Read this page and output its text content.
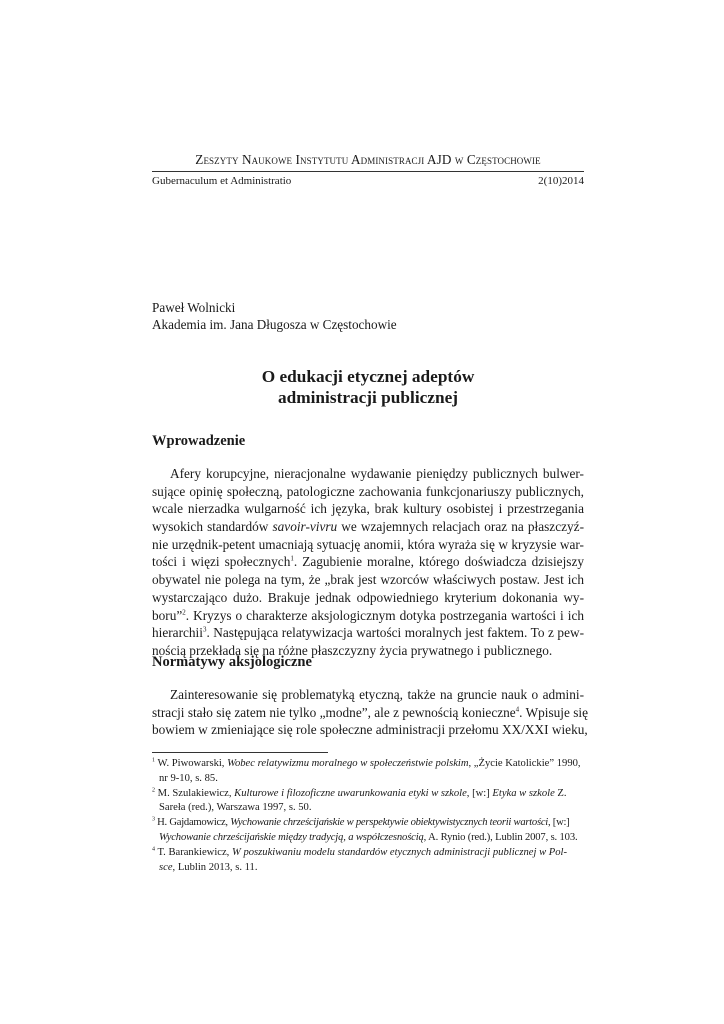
Zeszyty Naukowe Instytutu Administracji AJD w Częstochowie
Gubernaculum et Administratio	2(10)2014
Paweł Wolnicki
Akademia im. Jana Długosza w Częstochowie
O edukacji etycznej adeptów
administracji publicznej
Wprowadzenie
Afery korupcyjne, nieracjonalne wydawanie pieniędzy publicznych bulwer-
sujące opinię społeczną, patologiczne zachowania funkcjonariuszy publicznych,
wcale nierzadka wulgarność ich języka, brak kultury osobistej i przestrzegania
wysokich standardów savoir-vivru we wzajemnych relacjach oraz na płaszczyź-
nie urzędnik-petent umacniają sytuację anomii, która wyraża się w kryzysie war-
tości i więzi społecznych$^1$. Zagubienie moralne, którego doświadcza dzisiejszy
obywatel nie polega na tym, że „brak jest wzorców właściwych postaw. Jest ich
wystarczająco dużo. Brakuje jednak odpowiedniego kryterium dokonania wy-
boru”$^2$. Kryzys o charakterze aksjologicznym dotyka postrzegania wartości i ich
hierarchii$^3$. Następująca relatywizacja wartości moralnych jest faktem. To z pew-
nością przekłada się na różne płaszczyzny życia prywatnego i publicznego.
Normatywy aksjologiczne
Zainteresowanie się problematyką etyczną, także na gruncie nauk o admini-
stracji stało się zatem nie tylko „modne”, ale z pewnością konieczne$^4$. Wpisuje się
bowiem w zmieniające się role społeczne administracji przełomu XX/XXI wieku,
$^1$ W. Piwowarski, Wobec relatywizmu moralnego w społeczeństwie polskim, „Życie Katolickie” 1990,
nr 9-10, s. 85.
$^2$ M. Szulakiewicz, Kulturowe i filozoficzne uwarunkowania etyki w szkole, [w:] Etyka w szkole Z.
Sareła (red.), Warszawa 1997, s. 50.
$^3$ H. Gajdamowicz, Wychowanie chrześcijańskie w perspektywie obiektywistycznych teorii wartości, [w:]
Wychowanie chrześcijańskie między tradycją, a współczesnością, A. Rynio (red.), Lublin 2007, s. 103.
$^4$ T. Barankiewicz, W poszukiwaniu modelu standardów etycznych administracji publicznej w Pol-
sce, Lublin 2013, s. 11.
